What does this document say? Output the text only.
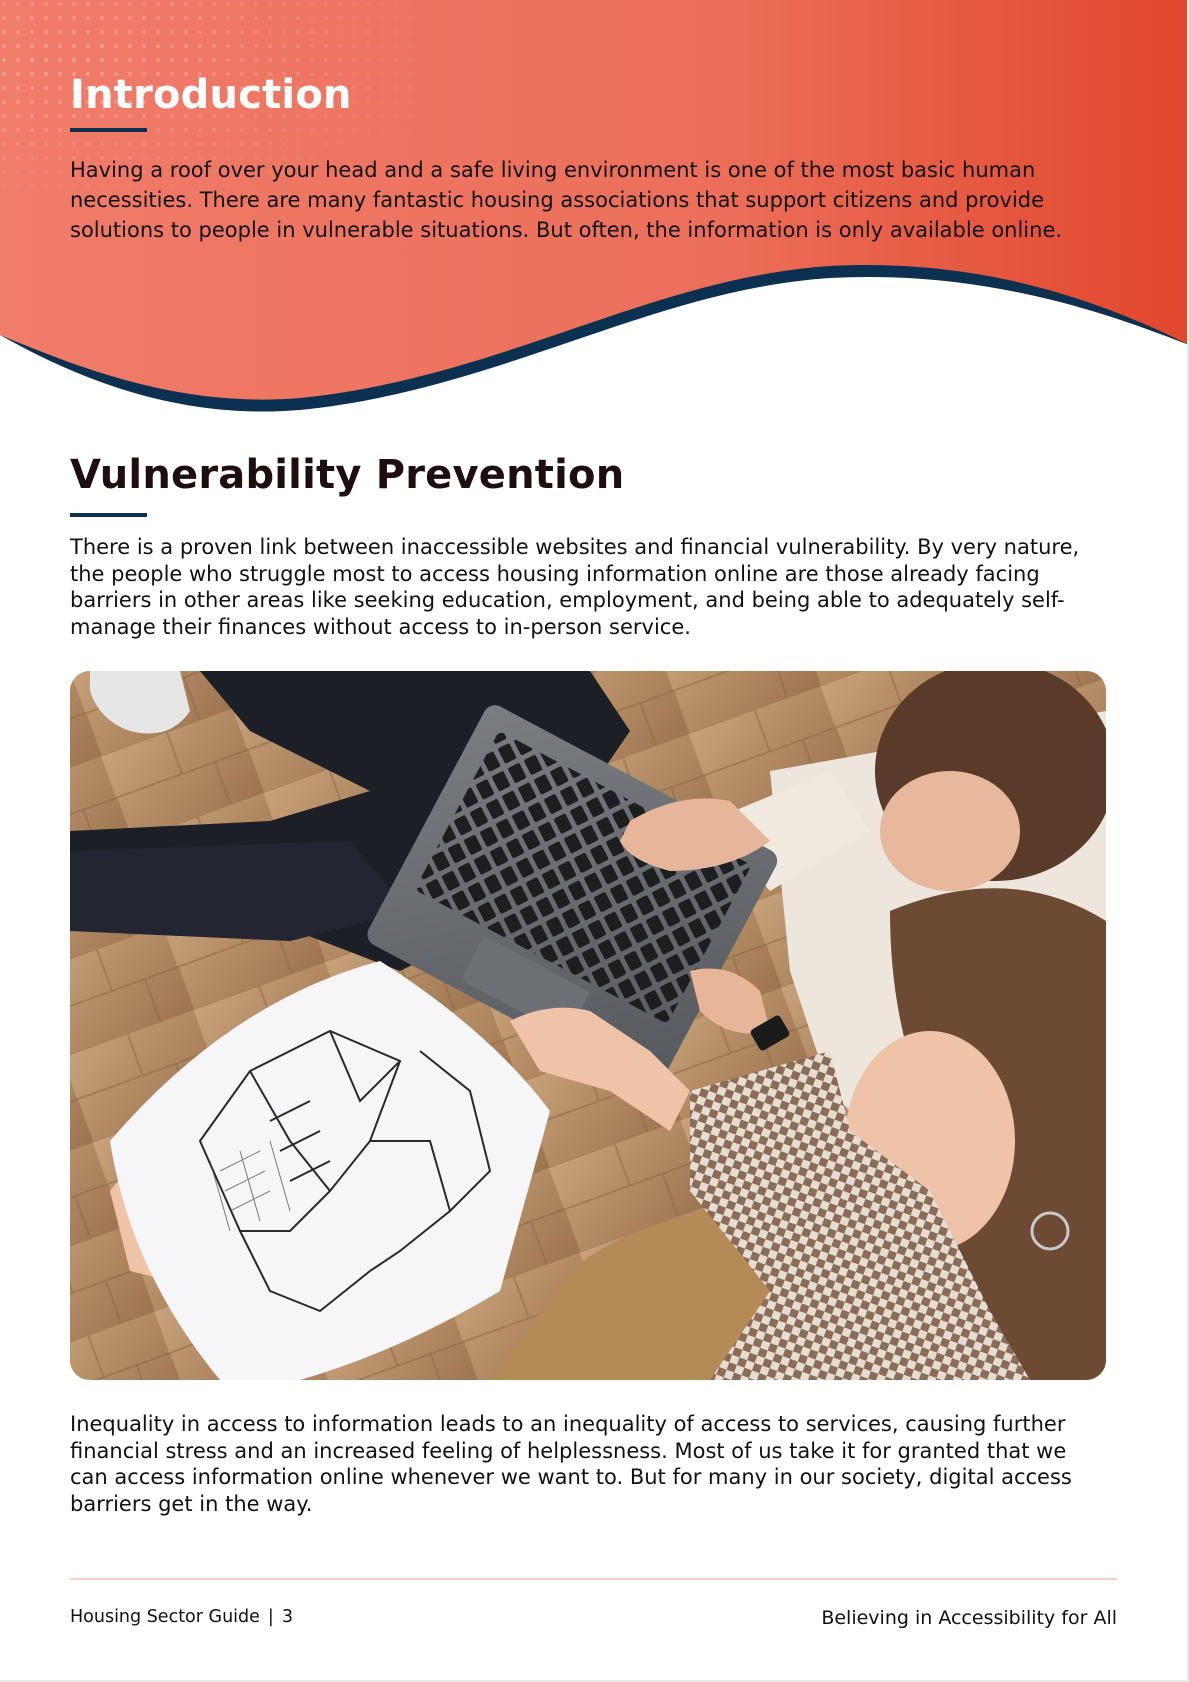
Introduction

Having a roof over your head and a safe living environment is one of the most basic human necessities. There are many fantastic housing associations that support citizens and provide solutions to people in vulnerable situations. But often, the information is only available online.

Vulnerability Prevention

There is a proven link between inaccessible websites and financial vulnerability. By very nature, the people who struggle most to access housing information online are those already facing barriers in other areas like seeking education, employment, and being able to adequately self-manage their finances without access to in-person service.

Inequality in access to information leads to an inequality of access to services, causing further financial stress and an increased feeling of helplessness. Most of us take it for granted that we can access information online whenever we want to. But for many in our society, digital access barriers get in the way.

Housing Sector Guide | 3	Believing in Accessibility for All
